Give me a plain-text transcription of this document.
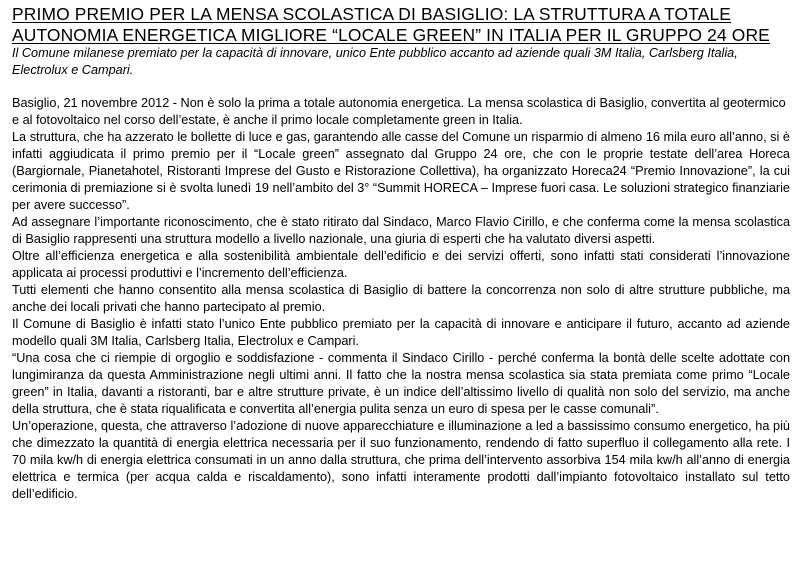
PRIMO PREMIO PER LA MENSA SCOLASTICA DI BASIGLIO: LA STRUTTURA A TOTALE AUTONOMIA ENERGETICA MIGLIORE “LOCALE GREEN” IN ITALIA PER IL GRUPPO 24 ORE

Il Comune milanese premiato per la capacità di innovare, unico Ente pubblico accanto ad aziende quali 3M Italia, Carlsberg Italia, Electrolux e Campari.

Basiglio, 21 novembre 2012 - Non è solo la prima a totale autonomia energetica. La mensa scolastica di Basiglio, convertita al geotermico e al fotovoltaico nel corso dell’estate, è anche il primo locale completamente green in Italia.

La struttura, che ha azzerato le bollette di luce e gas, garantendo alle casse del Comune un risparmio di almeno 16 mila euro all’anno, si è infatti aggiudicata il primo premio per il “Locale green” assegnato dal Gruppo 24 ore, che con le proprie testate dell’area Horeca (Bargiornale, Pianetahotel, Ristoranti Imprese del Gusto e Ristorazione Collettiva), ha organizzato Horeca24 “Premio Innovazione”, la cui cerimonia di premiazione si è svolta lunedì 19 nell’ambito del 3° “Summit HORECA – Imprese fuori casa. Le soluzioni strategico finanziarie per avere successo”.

Ad assegnare l’importante riconoscimento, che è stato ritirato dal Sindaco, Marco Flavio Cirillo, e che conferma come la mensa scolastica di Basiglio rappresenti una struttura modello a livello nazionale, una giuria di esperti che ha valutato diversi aspetti.

Oltre all’efficienza energetica e alla sostenibilità ambientale dell’edificio e dei servizi offerti, sono infatti stati considerati l’innovazione applicata ai processi produttivi e l’incremento dell’efficienza.

Tutti elementi che hanno consentito alla mensa scolastica di Basiglio di battere la concorrenza non solo di altre strutture pubbliche, ma anche dei locali privati che hanno partecipato al premio.

Il Comune di Basiglio è infatti stato l’unico Ente pubblico premiato per la capacità di innovare e anticipare il futuro, accanto ad aziende modello quali 3M Italia, Carlsberg Italia, Electrolux e Campari.

“Una cosa che ci riempie di orgoglio e soddisfazione - commenta il Sindaco Cirillo - perché conferma la bontà delle scelte adottate con lungimiranza da questa Amministrazione negli ultimi anni. Il fatto che la nostra mensa scolastica sia stata premiata come primo “Locale green” in Italia, davanti a ristoranti, bar e altre strutture private, è un indice dell’altissimo livello di qualità non solo del servizio, ma anche della struttura, che è stata riqualificata e convertita all’energia pulita senza un euro di spesa per le casse comunali”.

Un’operazione, questa, che attraverso l’adozione di nuove apparecchiature e illuminazione a led a bassissimo consumo energetico, ha più che dimezzato la quantità di energia elettrica necessaria per il suo funzionamento, rendendo di fatto superfluo il collegamento alla rete. I 70 mila kw/h di energia elettrica consumati in un anno dalla struttura, che prima dell’intervento assorbiva 154 mila kw/h all’anno di energia elettrica e termica (per acqua calda e riscaldamento), sono infatti interamente prodotti dall’impianto fotovoltaico installato sul tetto dell’edificio.
